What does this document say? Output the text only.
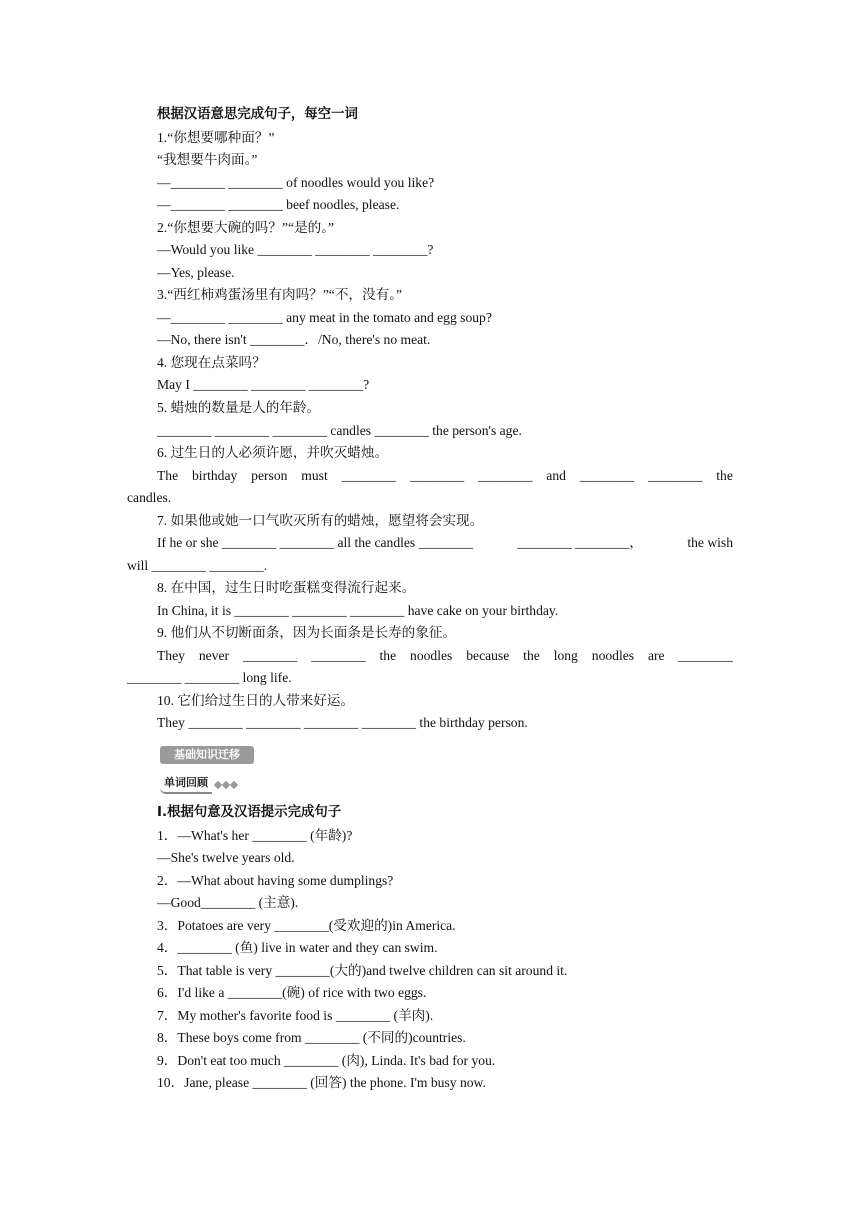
根据汉语意思完成句子，每空一词
1.“你想要哪种面？”
“我想要牛肉面。”
—________ ________ of noodles would you like?
—________ ________ beef noodles, please.
2.“你想要大碗的吗？”“是的。”
—Would you like ________ ________ ________?
—Yes, please.
3.“西红柿鸡蛋汤里有肉吗？”“不，没有。”
—________ ________ any meat in the tomato and egg soup?
—No, there isn't ________．/No, there's no meat.
4. 您现在点菜吗？
May I ________ ________ ________?
5. 蜡烛的数量是人的年龄。
________ ________ ________ candles ________ the person's age.
6. 过生日的人必须许愿，并吹灭蜡烛。
The birthday person must ________ ________ ________ and ________ ________ the
candles.
7. 如果他或她一口气吹灭所有的蜡烛，愿望将会实现。
If he or she ________ ________ all the candles ________	________ ________，	the wish
will ________ ________.
8. 在中国，过生日时吃蛋糕变得流行起来。
In China, it is ________ ________ ________ have cake on your birthday.
9. 他们从不切断面条，因为长面条是长寿的象征。
They never ________ ________ the noodles because the long noodles are ________
________ ________ long life.
10. 它们给过生日的人带来好运。
They ________ ________ ________ ________ the birthday person.
基础知识迁移
单词回顾
Ⅰ.根据句意及汉语提示完成句子
1．—What's her ________ (年龄)?
—She's twelve years old.
2．—What about having some dumplings?
—Good________ (主意).
3．Potatoes are very ________(受欢迎的)in America.
4．________ (鱼) live in water and they can swim.
5．That table is very ________(大的)and twelve children can sit around it.
6．I'd like a ________(碗) of rice with two eggs.
7．My mother's favorite food is ________ (羊肉).
8．These boys come from ________ (不同的)countries.
9．Don't eat too much ________ (肉), Linda. It's bad for you.
10．Jane, please ________ (回答) the phone. I'm busy now.
